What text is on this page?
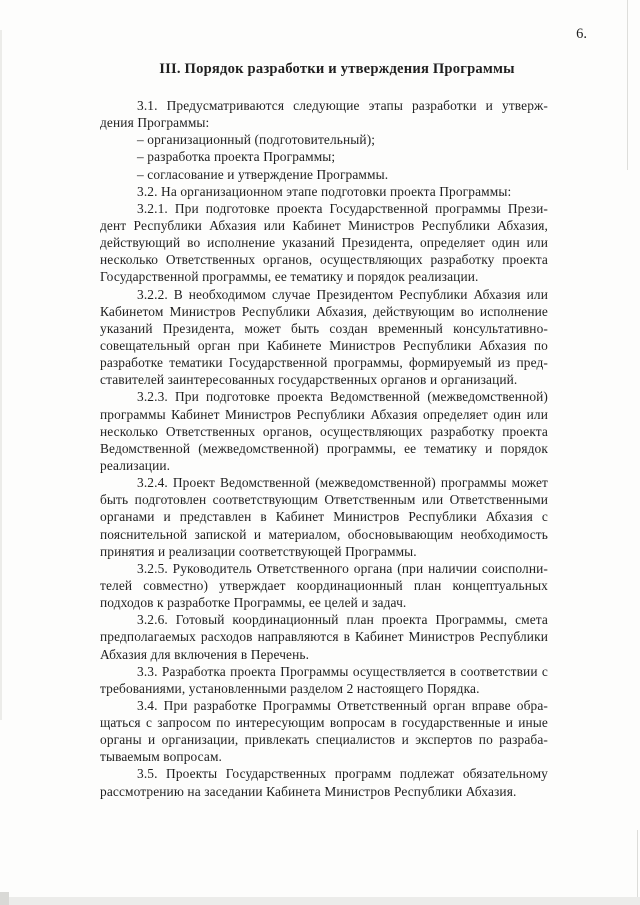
6.
III. Порядок разработки и утверждения Программы
3.1. Предусматриваются следующие этапы разработки и утверж-
дения Программы:
– организационный (подготовительный);
– разработка проекта Программы;
– согласование и утверждение Программы.
3.2. На организационном этапе подготовки проекта Программы:
3.2.1. При подготовке проекта Государственной программы Прези-
дент Республики Абхазия или Кабинет Министров Республики Абхазия,
действующий во исполнение указаний Президента, определяет один или
несколько Ответственных органов, осуществляющих разработку проекта
Государственной программы, ее тематику и порядок реализации.
3.2.2. В необходимом случае Президентом Республики Абхазия или
Кабинетом Министров Республики Абхазия, действующим во исполнение
указаний Президента, может быть создан временный консультативно-
совещательный орган при Кабинете Министров Республики Абхазия по
разработке тематики Государственной программы, формируемый из пред-
ставителей заинтересованных государственных органов и организаций.
3.2.3. При подготовке проекта Ведомственной (межведомственной)
программы Кабинет Министров Республики Абхазия определяет один или
несколько Ответственных органов, осуществляющих разработку проекта
Ведомственной (межведомственной) программы, ее тематику и порядок
реализации.
3.2.4. Проект Ведомственной (межведомственной) программы может
быть подготовлен соответствующим Ответственным или Ответственными
органами и представлен в Кабинет Министров Республики Абхазия с
пояснительной запиской и материалом, обосновывающим необходимость
принятия и реализации соответствующей Программы.
3.2.5. Руководитель Ответственного органа (при наличии соисполни-
телей совместно) утверждает координационный план концептуальных
подходов к разработке Программы, ее целей и задач.
3.2.6. Готовый координационный план проекта Программы, смета
предполагаемых расходов направляются в Кабинет Министров Республики
Абхазия для включения в Перечень.
3.3. Разработка проекта Программы осуществляется в соответствии с
требованиями, установленными разделом 2 настоящего Порядка.
3.4. При разработке Программы Ответственный орган вправе обра-
щаться с запросом по интересующим вопросам в государственные и иные
органы и организации, привлекать специалистов и экспертов по разраба-
тываемым вопросам.
3.5. Проекты Государственных программ подлежат обязательному
рассмотрению на заседании Кабинета Министров Республики Абхазия.
